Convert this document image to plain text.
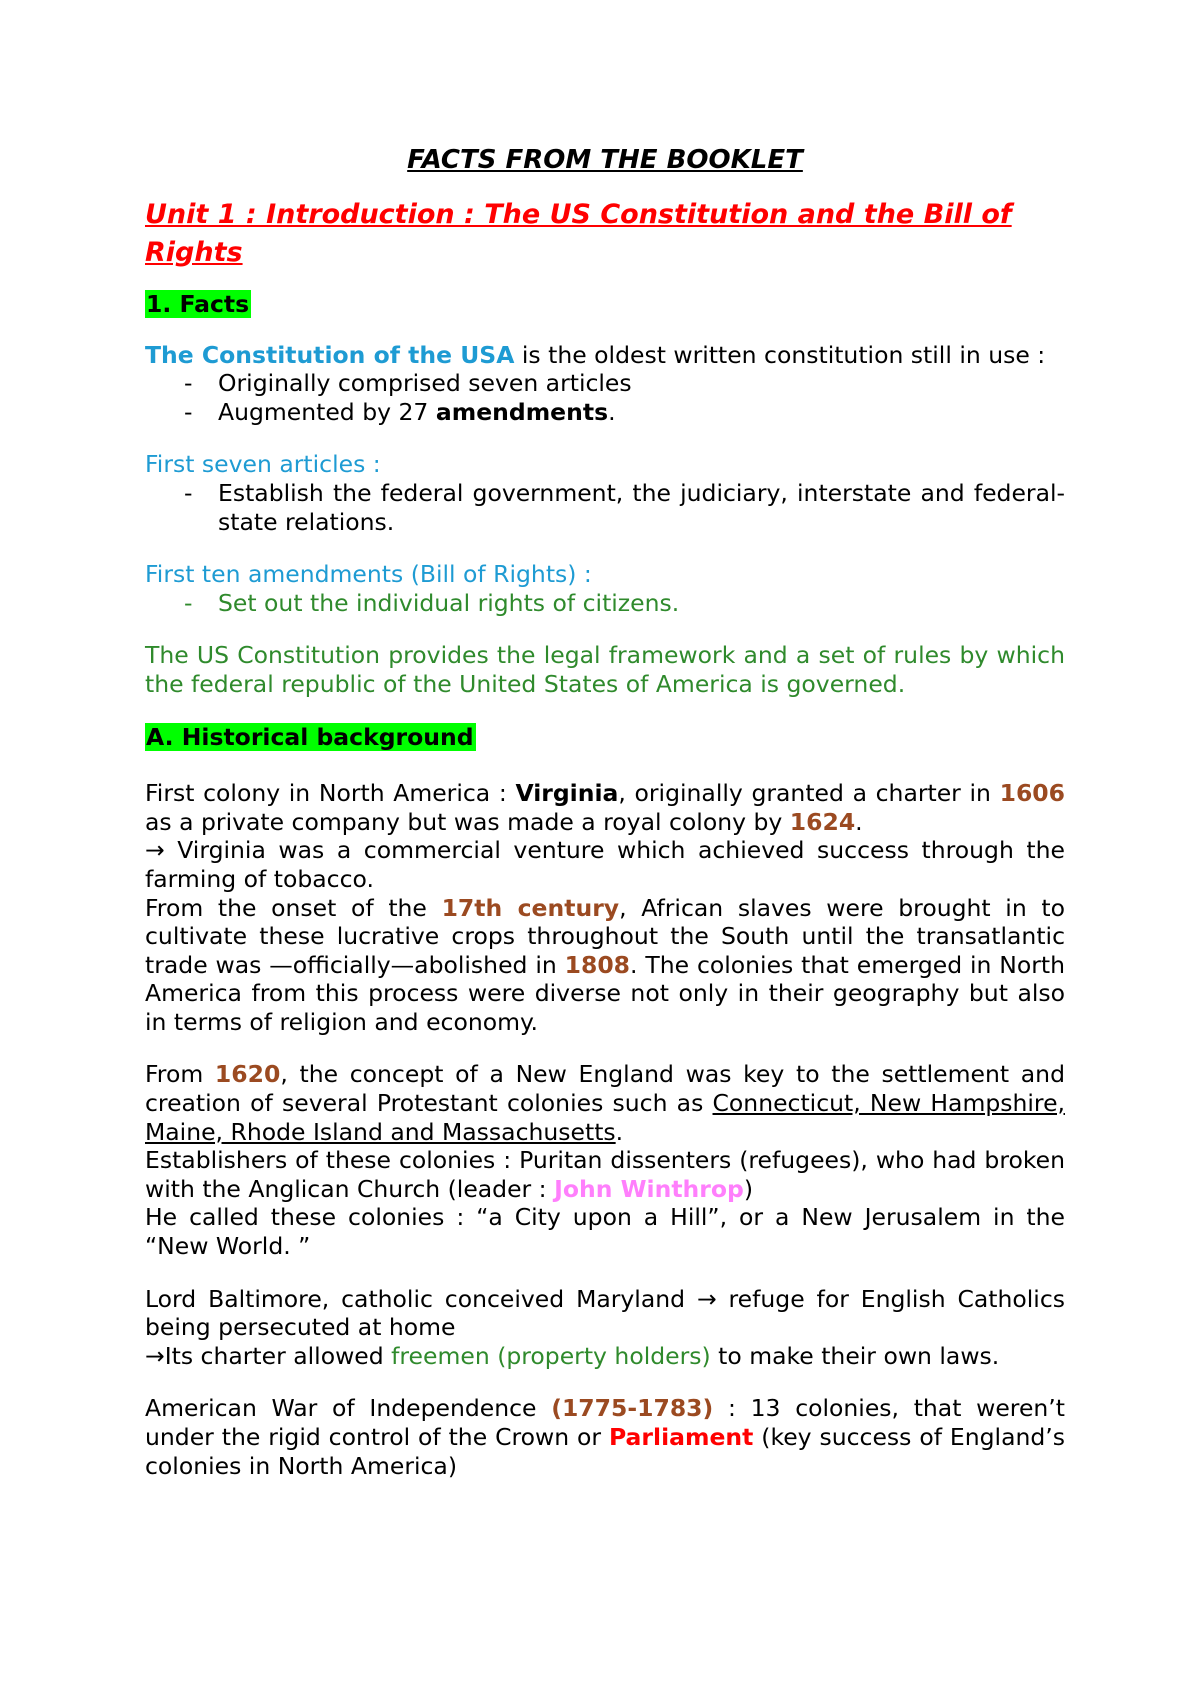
FACTS FROM THE BOOKLET

Unit 1 : Introduction : The US Constitution and the Bill of Rights

1. Facts

The Constitution of the USA is the oldest written constitution still in use :

- Originally comprised seven articles
- Augmented by 27 amendments.

First seven articles :

- Establish the federal government, the judiciary, interstate and federal-state relations.

First ten amendments (Bill of Rights) :

- Set out the individual rights of citizens.

The US Constitution provides the legal framework and a set of rules by which the federal republic of the United States of America is governed.

A. Historical background

First colony in North America : Virginia, originally granted a charter in 1606 as a private company but was made a royal colony by 1624.

→ Virginia was a commercial venture which achieved success through the farming of tobacco.

From the onset of the 17th century, African slaves were brought in to cultivate these lucrative crops throughout the South until the transatlantic trade was —officially—abolished in 1808. The colonies that emerged in North America from this process were diverse not only in their geography but also in terms of religion and economy.

From 1620, the concept of a New England was key to the settlement and creation of several Protestant colonies such as Connecticut, New Hampshire, Maine, Rhode Island and Massachusetts.

Establishers of these colonies : Puritan dissenters (refugees), who had broken with the Anglican Church (leader : John Winthrop)

He called these colonies : “a City upon a Hill”, or a New Jerusalem in the “New World. ”

Lord Baltimore, catholic conceived Maryland → refuge for English Catholics being persecuted at home

→Its charter allowed freemen (property holders) to make their own laws.

American War of Independence (1775-1783) : 13 colonies, that weren’t under the rigid control of the Crown or Parliament (key success of England’s colonies in North America)
